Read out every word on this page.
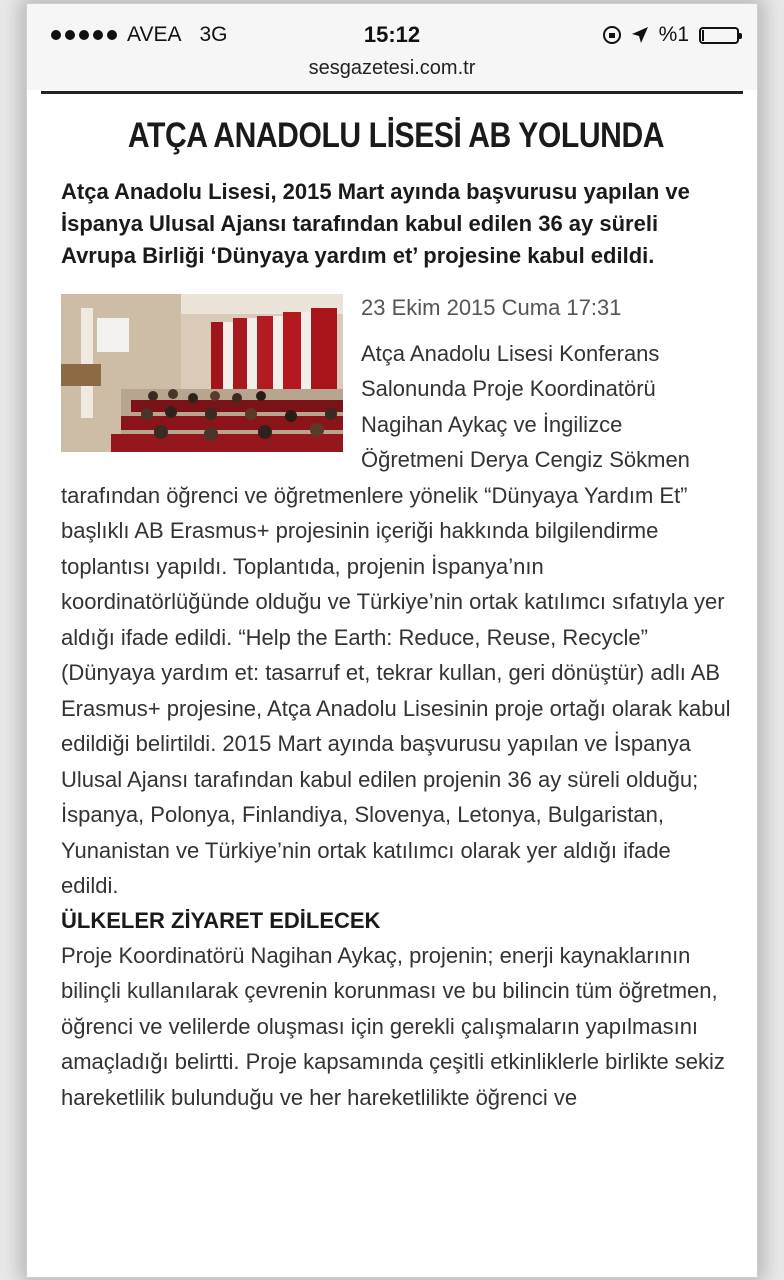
AVEA 3G	15:12	%1
sesgazetesi.com.tr
ATÇA ANADOLU LİSESİ AB YOLUNDA
Atça Anadolu Lisesi, 2015 Mart ayında başvurusu yapılan ve İspanya Ulusal Ajansı tarafından kabul edilen 36 ay süreli Avrupa Birliği ‘Dünyaya yardım et’ projesine kabul edildi.
23 Ekim 2015 Cuma 17:31

Atça Anadolu Lisesi Konferans Salonunda Proje Koordinatörü Nagihan Aykaç ve İngilizce Öğretmeni Derya Cengiz Sökmen tarafından öğrenci ve öğretmenlere yönelik “Dünyaya Yardım Et” başlıklı AB Erasmus+ projesinin içeriği hakkında bilgilendirme toplantısı yapıldı. Toplantıda, projenin İspanya’nın koordinatörlüğünde olduğu ve Türkiye’nin ortak katılımcı sıfatıyla yer aldığı ifade edildi. “Help the Earth: Reduce, Reuse, Recycle” (Dünyaya yardım et: tasarruf et, tekrar kullan, geri dönüştür) adlı AB Erasmus+ projesine, Atça Anadolu Lisesinin proje ortağı olarak kabul edildiği belirtildi. 2015 Mart ayında başvurusu yapılan ve İspanya Ulusal Ajansı tarafından kabul edilen projenin 36 ay süreli olduğu; İspanya, Polonya, Finlandiya, Slovenya, Letonya, Bulgaristan, Yunanistan ve Türkiye’nin ortak katılımcı olarak yer aldığı ifade edildi.

ÜLKELER ZİYARET EDİLECEK

Proje Koordinatörü Nagihan Aykaç, projenin; enerji kaynaklarının bilinçli kullanılarak çevrenin korunması ve bu bilincin tüm öğretmen, öğrenci ve velilerde oluşması için gerekli çalışmaların yapılmasını amaçladığı belirtti. Proje kapsamında çeşitli etkinliklerle birlikte sekiz hareketlilik bulunduğu ve her hareketlilikte öğrenci ve
